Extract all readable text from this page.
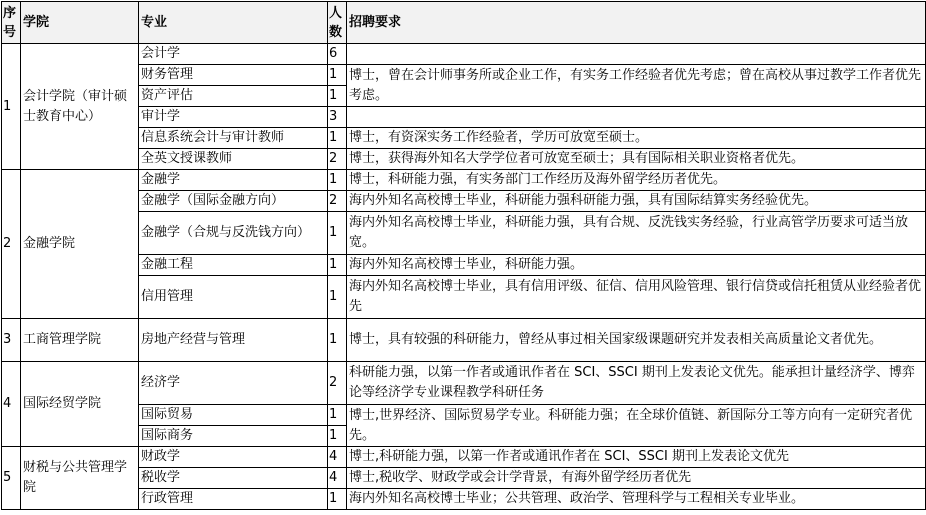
序号	学院	专业	人数	招聘要求
1	会计学院（审计硕士教育中心）	会计学	6	
		财务管理	1	博士，曾在会计师事务所或企业工作，有实务工作经验者优先考虑；曾在高校从事过教学工作者优先考虑。
		资产评估	1	
		审计学	3	
		信息系统会计与审计教师	1	博士，有资深实务工作经验者，学历可放宽至硕士。
		全英文授课教师	2	博士，获得海外知名大学学位者可放宽至硕士；具有国际相关职业资格者优先。
2	金融学院	金融学	1	博士，科研能力强，有实务部门工作经历及海外留学经历者优先。
		金融学（国际金融方向）	2	海内外知名高校博士毕业，科研能力强科研能力强，具有国际结算实务经验优先。
		金融学（合规与反洗钱方向）	1	海内外知名高校博士毕业，科研能力强，具有合规、反洗钱实务经验，行业高管学历要求可适当放宽。
		金融工程	1	海内外知名高校博士毕业，科研能力强。
		信用管理	1	海内外知名高校博士毕业，具有信用评级、征信、信用风险管理、银行信贷或信托租赁从业经验者优先
3	工商管理学院	房地产经营与管理	1	博士，具有较强的科研能力，曾经从事过相关国家级课题研究并发表相关高质量论文者优先。
4	国际经贸学院	经济学	2	科研能力强，以第一作者或通讯作者在 SCI、SSCI 期刊上发表论文优先。能承担计量经济学、博弈论等经济学专业课程教学科研任务
		国际贸易	1	博士,世界经济、国际贸易学专业。科研能力强；在全球价值链、新国际分工等方向有一定研究者优先。
		国际商务	1	
5	财税与公共管理学院	财政学	4	博士,科研能力强，以第一作者或通讯作者在 SCI、SSCI 期刊上发表论文优先
		税收学	4	博士,税收学、财政学或会计学背景，有海外留学经历者优先
		行政管理	1	海内外知名高校博士毕业；公共管理、政治学、管理科学与工程相关专业毕业。
